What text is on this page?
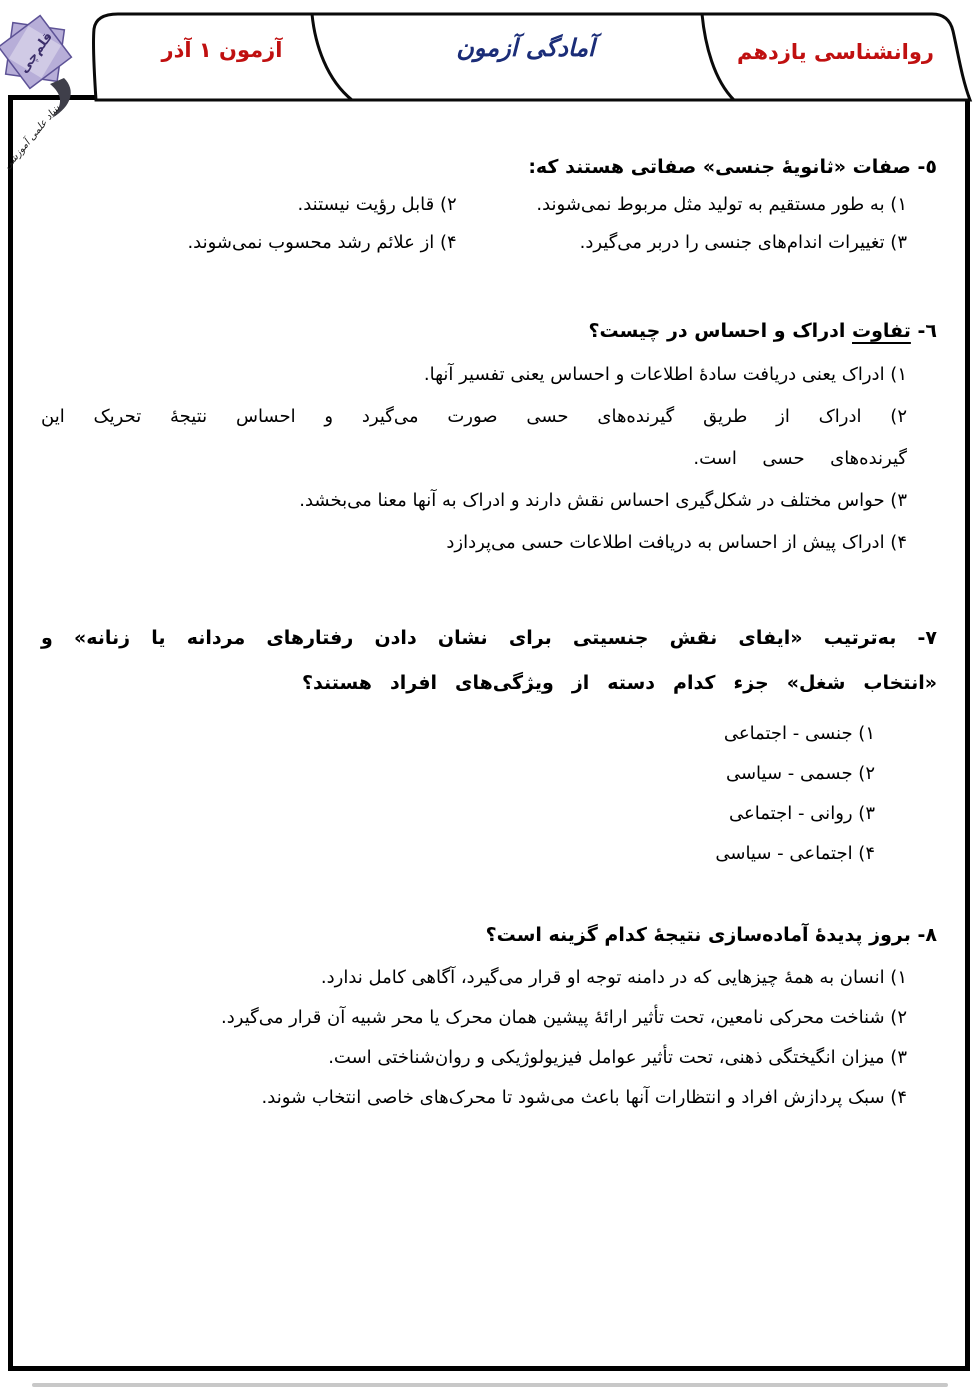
روانشناسی یازدهم
آمادگی آزمون
آزمون ۱ آذر
قلم‌چی
بنیاد علمی آموزشی	٥- صفات «ثانویهٔ جنسی» صفاتی هستند که:

۱) به طور مستقیم به تولید مثل مربوط نمی‌شوند.

۲) قابل رؤیت نیستند.

۳) تغییرات اندام‌های جنسی را دربر می‌گیرد.

۴) از علائم رشد محسوب نمی‌شوند.

٦- تفاوت ادراک و احساس در چیست؟

۱) ادراک یعنی دریافت سادهٔ اطلاعات و احساس یعنی تفسیر آنها.

۲) ادراک از طریق گیرنده‌های حسی صورت می‌گیرد و احساس نتیجهٔ تحریک این گیرنده‌های حسی است.

۳) حواس مختلف در شکل‌گیری احساس نقش دارند و ادراک به آنها معنا می‌بخشد.

۴) ادراک پیش از احساس به دریافت اطلاعات حسی می‌پردازد

٧- به‌ترتیب «ایفای نقش جنسیتی برای نشان دادن رفتارهای مردانه یا زنانه» و «انتخاب شغل» جزء کدام دسته از ویژگی‌های افراد هستند؟

۱) جنسی - اجتماعی

۲) جسمی - سیاسی

۳) روانی - اجتماعی

۴) اجتماعی - سیاسی

٨- بروز پدیدهٔ آماده‌سازی نتیجهٔ کدام گزینه است؟

۱) انسان به همهٔ چیزهایی که در دامنه توجه او قرار می‌گیرد، آگاهی کامل ندارد.

۲) شناخت محرکی نامعین، تحت تأثیر ارائهٔ پیشین همان محرک یا محر شبیه آن قرار می‌گیرد.

۳) میزان انگیختگی ذهنی، تحت تأثیر عوامل فیزیولوژیکی و روان‌شناختی است.

۴) سبک پردازش افراد و انتظارات آنها باعث می‌شود تا محرک‌های خاصی انتخاب شوند.
